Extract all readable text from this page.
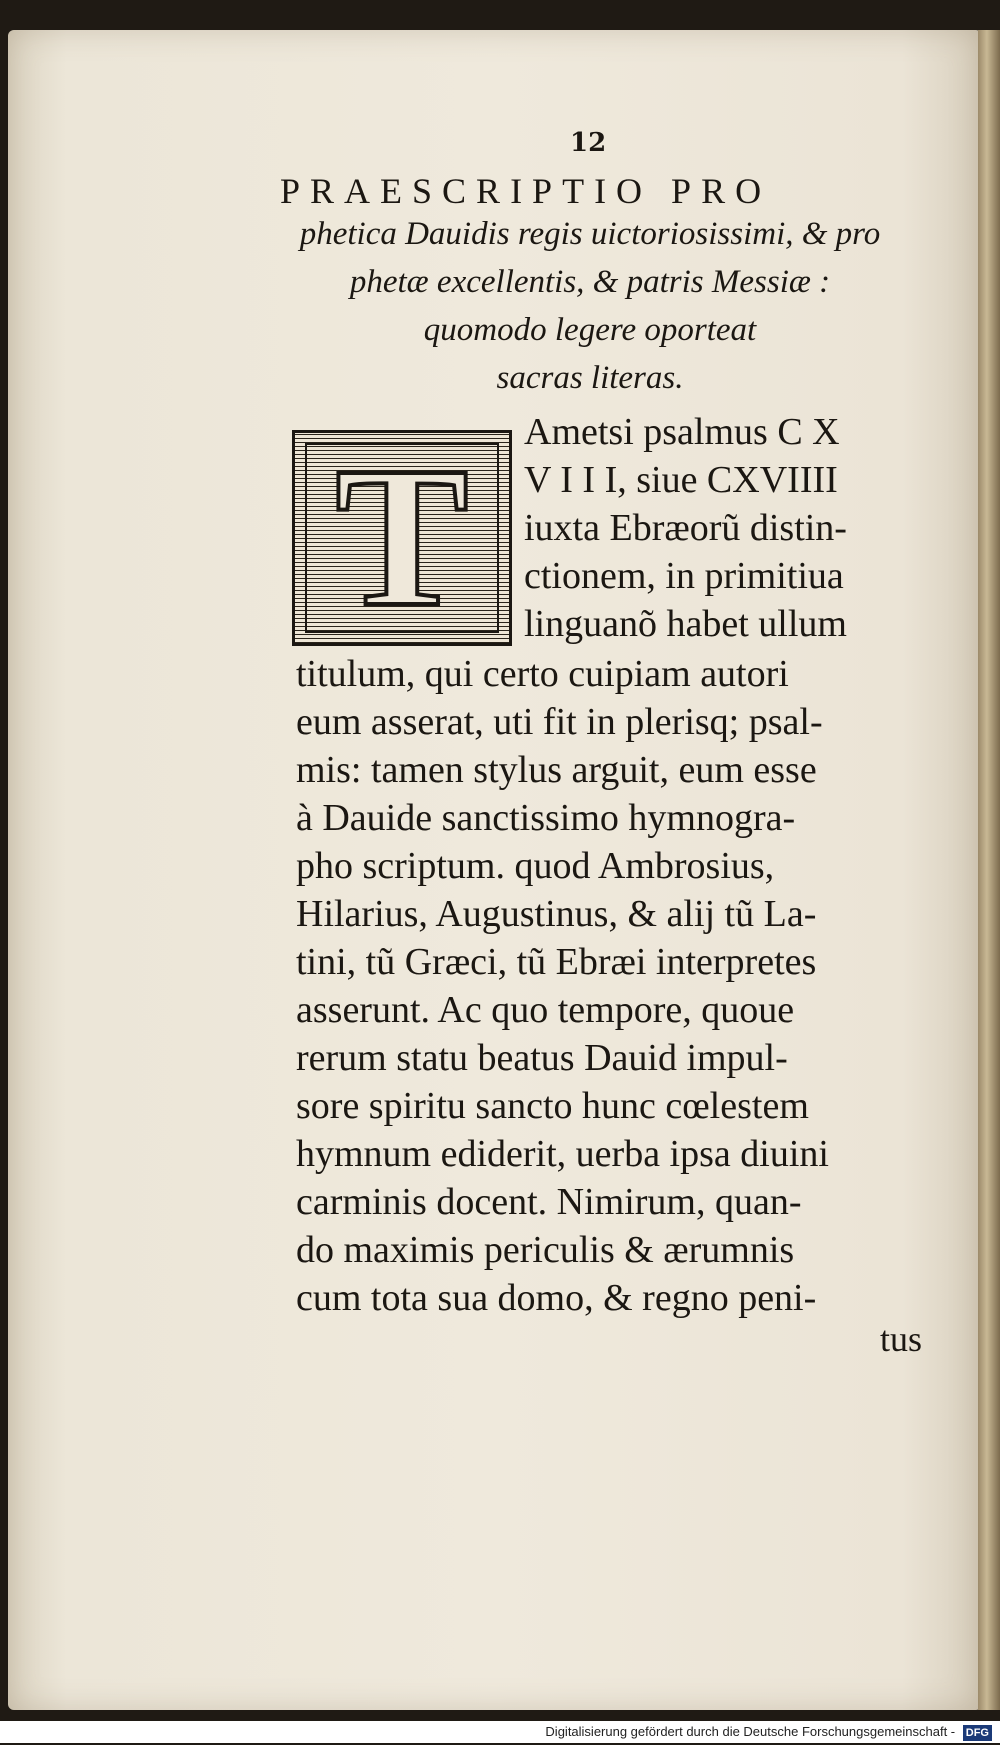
12
PRAESCRIPTIO PRO
phetica Dauidis regis uictoriosissimi, & pro
phetæ excellentis, & patris Messiæ :
quomodo legere oporteat
sacras literas.
T	Ametsi psalmus C X
V I I I, siue CXVIIII
iuxta Ebræorũ distin-
ctionem, in primitiua
linguanõ habet ullum
titulum, qui certo cuipiam autori
eum asserat, uti fit in plerisq; psal-
mis: tamen stylus arguit, eum esse
à Dauide sanctissimo hymnogra-
pho scriptum. quod Ambrosius,
Hilarius, Augustinus, & alij tũ La-
tini, tũ Græci, tũ Ebræi interpretes
asserunt. Ac quo tempore, quoue
rerum statu beatus Dauid impul-
sore spiritu sancto hunc cœlestem
hymnum ediderit, uerba ipsa diuini
carminis docent. Nimirum, quan-
do maximis periculis & ærumnis
cum tota sua domo, & regno peni-
tus
Digitalisierung gefördert durch die Deutsche Forschungsgemeinschaft - DFG
